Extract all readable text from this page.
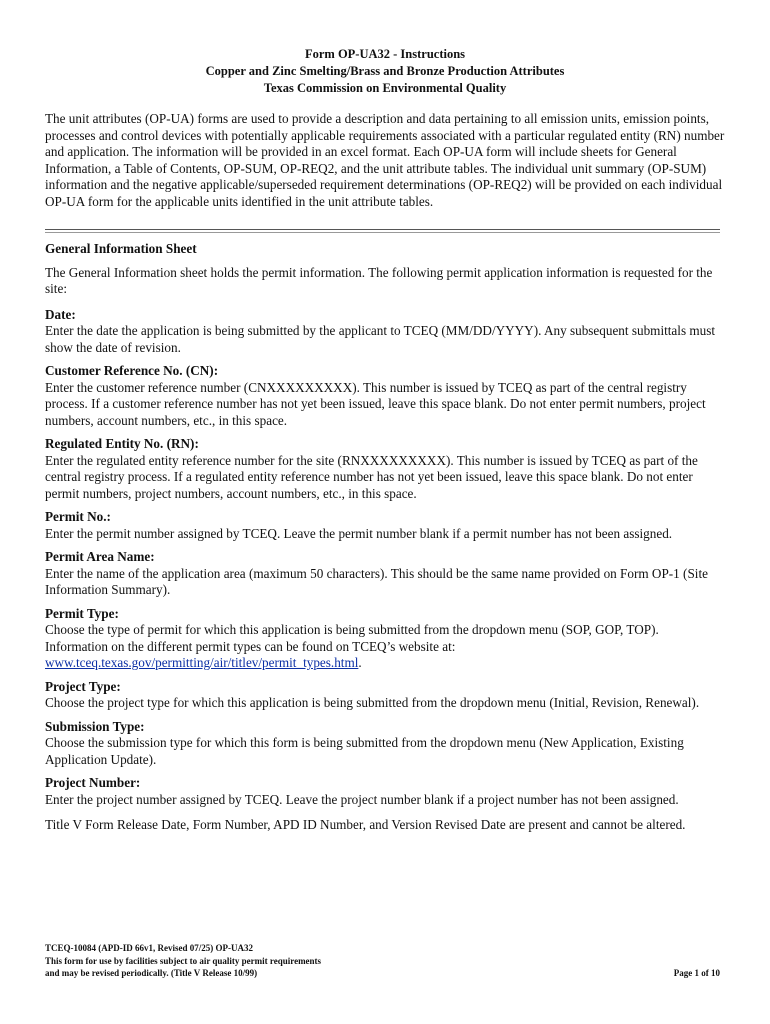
Form OP-UA32 - Instructions
Copper and Zinc Smelting/Brass and Bronze Production Attributes
Texas Commission on Environmental Quality
The unit attributes (OP-UA) forms are used to provide a description and data pertaining to all emission units, emission points, processes and control devices with potentially applicable requirements associated with a particular regulated entity (RN) number and application. The information will be provided in an excel format. Each OP-UA form will include sheets for General Information, a Table of Contents, OP-SUM, OP-REQ2, and the unit attribute tables. The individual unit summary (OP-SUM) information and the negative applicable/superseded requirement determinations (OP-REQ2) will be provided on each individual OP-UA form for the applicable units identified in the unit attribute tables.
General Information Sheet
The General Information sheet holds the permit information. The following permit application information is requested for the site:
Date:
Enter the date the application is being submitted by the applicant to TCEQ (MM/DD/YYYY). Any subsequent submittals must show the date of revision.
Customer Reference No. (CN):
Enter the customer reference number (CNXXXXXXXXX). This number is issued by TCEQ as part of the central registry process. If a customer reference number has not yet been issued, leave this space blank. Do not enter permit numbers, project numbers, account numbers, etc., in this space.
Regulated Entity No. (RN):
Enter the regulated entity reference number for the site (RNXXXXXXXXX). This number is issued by TCEQ as part of the central registry process. If a regulated entity reference number has not yet been issued, leave this space blank. Do not enter permit numbers, project numbers, account numbers, etc., in this space.
Permit No.:
Enter the permit number assigned by TCEQ. Leave the permit number blank if a permit number has not been assigned.
Permit Area Name:
Enter the name of the application area (maximum 50 characters). This should be the same name provided on Form OP-1 (Site Information Summary).
Permit Type:
Choose the type of permit for which this application is being submitted from the dropdown menu (SOP, GOP, TOP). Information on the different permit types can be found on TCEQ’s website at:
www.tceq.texas.gov/permitting/air/titlev/permit_types.html.
Project Type:
Choose the project type for which this application is being submitted from the dropdown menu (Initial, Revision, Renewal).
Submission Type:
Choose the submission type for which this form is being submitted from the dropdown menu (New Application, Existing Application Update).
Project Number:
Enter the project number assigned by TCEQ. Leave the project number blank if a project number has not been assigned.
Title V Form Release Date, Form Number, APD ID Number, and Version Revised Date are present and cannot be altered.
TCEQ-10084 (APD-ID 66v1, Revised 07/25) OP-UA32
This form for use by facilities subject to air quality permit requirements
and may be revised periodically. (Title V Release 10/99)	Page 1 of 10
